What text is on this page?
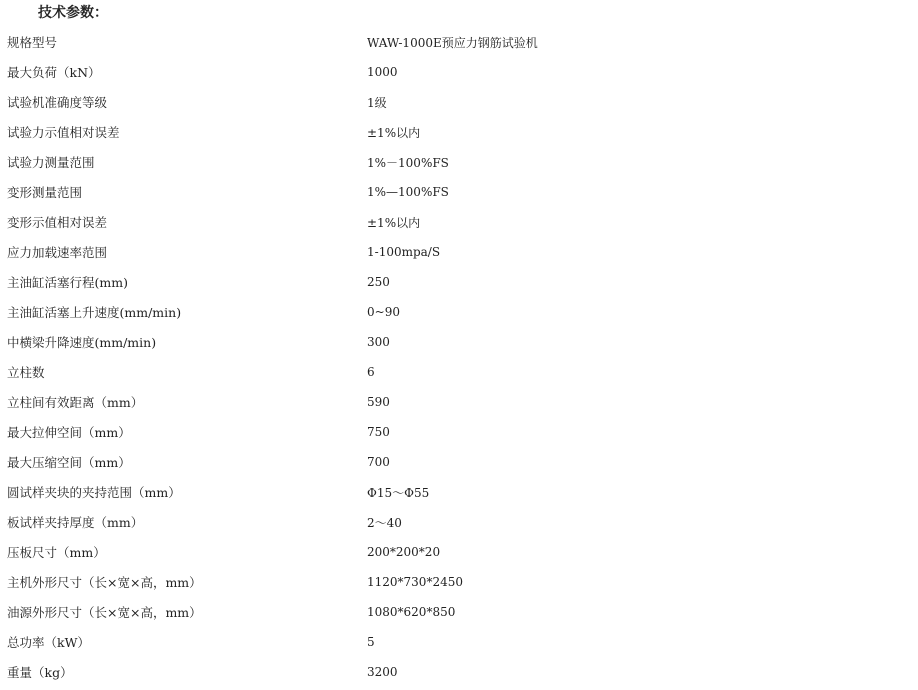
技术参数：
规格型号	WAW-1000E预应力钢筋试验机
最大负荷（kN）	1000
试验机准确度等级	1级
试验力示值相对误差	±1%以内
试验力测量范围	1%－100%FS
变形测量范围	1%—100%FS
变形示值相对误差	±1%以内
应力加载速率范围	1-100mpa/S
主油缸活塞行程(mm)	250
主油缸活塞上升速度(mm/min)	0~90
中横梁升降速度(mm/min)	300
立柱数	6
立柱间有效距离（mm）	590
最大拉伸空间（mm）	750
最大压缩空间（mm）	700
圆试样夹块的夹持范围（mm）	Φ15～Φ55
板试样夹持厚度（mm）	2～40
压板尺寸（mm）	200*200*20
主机外形尺寸（长×宽×高，mm）	1120*730*2450
油源外形尺寸（长×宽×高，mm）	1080*620*850
总功率（kW）	5
重量（kg）	3200
